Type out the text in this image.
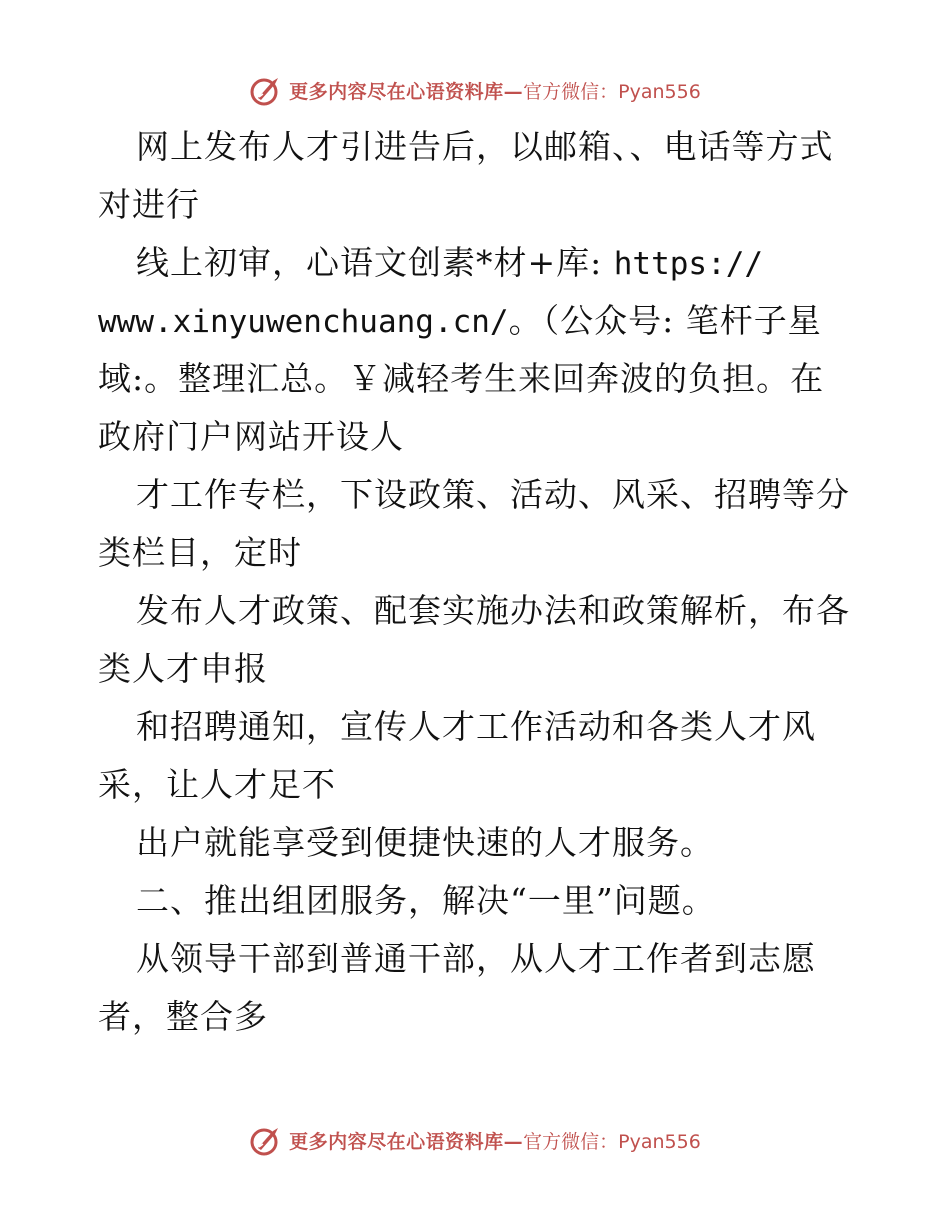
更多内容尽在心语资料库— 官方微信：Pyan556
网上发布人才引进告后，以邮箱、、电话等方式
对进行
线上初审，心语文创素*材+库: https://
www.xinyuwenchuang.cn/。（公众号: 笔杆子星
域:。整理汇总。￥减轻考生来回奔波的负担。在
政府门户网站开设人
才工作专栏，下设政策、活动、风采、招聘等分
类栏目，定时
发布人才政策、配套实施办法和政策解析，布各
类人才申报
和招聘通知，宣传人才工作活动和各类人才风
采，让人才足不
出户就能享受到便捷快速的人才服务。
二、推出组团服务，解决“一里”问题。
从领导干部到普通干部，从人才工作者到志愿
者，整合多
更多内容尽在心语资料库— 官方微信：Pyan556
